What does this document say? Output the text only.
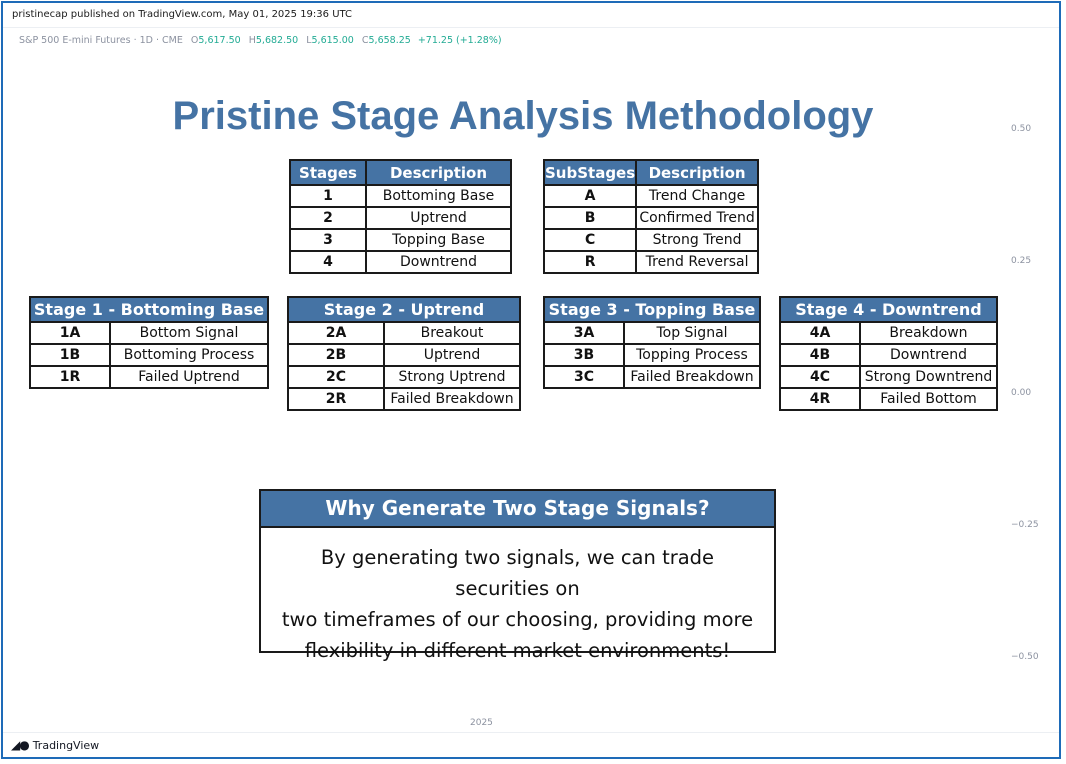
pristinecap published on TradingView.com, May 01, 2025 19:36 UTC
S&P 500 E-mini Futures · 1D · CME O5,617.50 H5,682.50 L5,615.00 C5,658.25 +71.25 (+1.28%)
0.50
0.25
0.00
−0.25
−0.50
2025
◢● TradingView
Pristine Stage Analysis Methodology
Stages	Description
1	Bottoming Base
2	Uptrend
3	Topping Base
4	Downtrend
SubStages	Description
A	Trend Change
B	Confirmed Trend
C	Strong Trend
R	Trend Reversal
Stage 1 - Bottoming Base	
1A	Bottom Signal
1B	Bottoming Process
1R	Failed Uptrend
Stage 2 - Uptrend	
2A	Breakout
2B	Uptrend
2C	Strong Uptrend
2R	Failed Breakdown
Stage 3 - Topping Base	
3A	Top Signal
3B	Topping Process
3C	Failed Breakdown
Stage 4 - Downtrend	
4A	Breakdown
4B	Downtrend
4C	Strong Downtrend
4R	Failed Bottom
Why Generate Two Stage Signals?
By generating two signals, we can trade securities on
two timeframes of our choosing, providing more
flexibility in different market environments!
